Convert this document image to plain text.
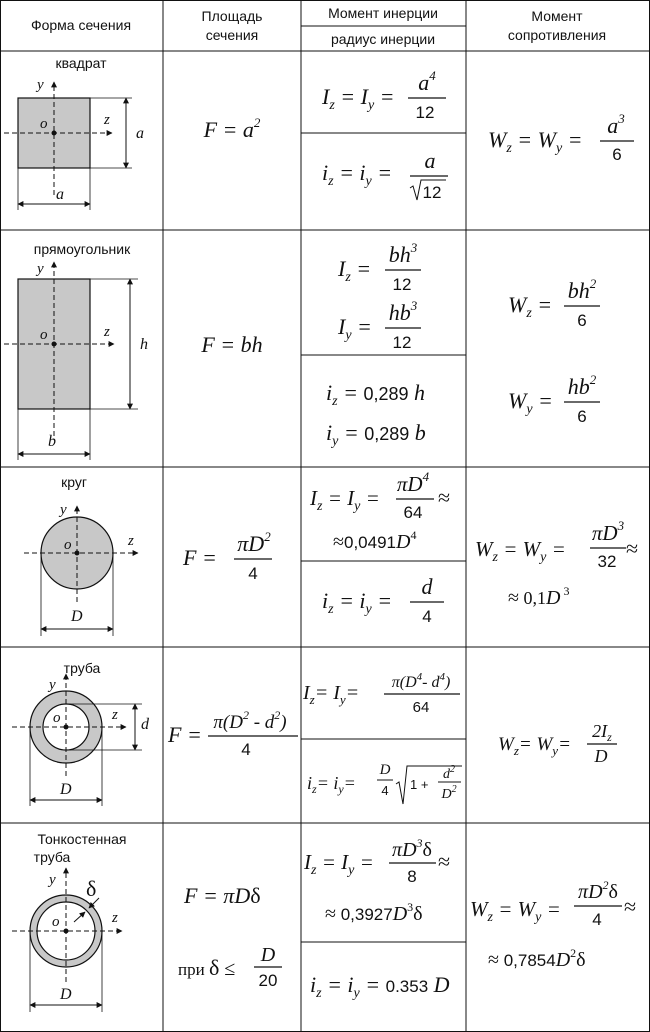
Форма сечения
Площадь
сечения
Момент инерции
радиус инерции
Момент
сопротивления
квадрат
y
z
o
a
a
$F = a^2$
$I_z = I_y$ =
$a^4$
12
$i_z = i_y = a$
12
$W_z = W_y$ =
$a^3$
6
прямоугольник
y
z
o
h
b
F = bh
$I_z$ =
$bh^3$
12
$I_y$ =
$hb^3$
12
$i_z = 0,289$ h
$i_y = 0,289$ b
$W_z$ =
$bh^2$
6
$W_y$ =
$hb^2$
6
круг
y
z
o
D
F =
$\pi D^2$
4
$I_z = I_y$ =
$\pi D^4$
64
≈
$\approx 0,0491D^4$
$i_z = i_y$ =
d
4
$W_z = W_y$ =
$\pi D^3$
32
≈
≈ 0,1D $^3$
труба
y
z
o	d
D
$F = \pi(D^2 - d^2)$
4
$I_z= I_y= \pi(D^4-$ $d^4$)
64
$i_z= i_y=$
D
4 1 +
$d^2$
$D^2$
$W_z= W_y=$
$2I_z$
D
Тонкостенная
труба
y
z
o
δ
D
F = πDδ
при δ ≤
D
20
$I_z = I_y = \pi D^3\delta$
8
≈
≈ $0,3927D^3\delta$
$i_z = i_y = 0.353$ D
$W_z = W_y$ =
$\pi D^2\delta$
4
≈
≈ $0,7854D^2\delta$
